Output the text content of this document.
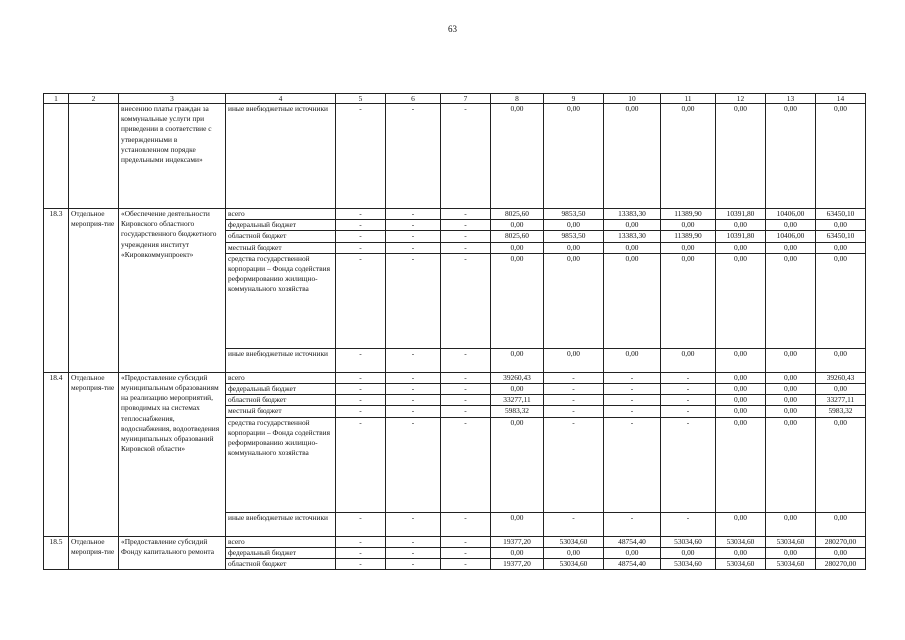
63
1	2	3	4	5	6	7	8	9	10	11	12	13	14
		внесению платы граждан за коммунальные услуги при приведении в соответствие с утвержденными в установленном порядке предельными индексами»	иные внебюджетные источники	-	-	-	0,00	0,00	0,00	0,00	0,00	0,00	0,00
18.3	Отдельное мероприя-тие	«Обеспечение деятельности Кировского областного государственного бюджетного учреждения институт «Кировкоммунпроект»	всего	-	-	-	8025,60	9853,50	13383,30	11389,90	10391,80	10406,00	63450,10
			федеральный бюджет	-	-	-	0,00	0,00	0,00	0,00	0,00	0,00	0,00
			областной бюджет	-	-	-	8025,60	9853,50	13383,30	11389,90	10391,80	10406,00	63450,10
			местный бюджет	-	-	-	0,00	0,00	0,00	0,00	0,00	0,00	0,00
			средства государственной корпорации – Фонда содействия реформированию жилищно-коммунального хозяйства	-	-	-	0,00	0,00	0,00	0,00	0,00	0,00	0,00
			иные внебюджетные источники	-	-	-	0,00	0,00	0,00	0,00	0,00	0,00	0,00
18.4	Отдельное мероприя-тие	«Предоставление субсидий муниципальным образованиям на реализацию мероприятий, проводимых на системах теплоснабжения, водоснабжения, водоотведения муниципальных образований Кировской области»	всего	-	-	-	39260,43	-	-	-	0,00	0,00	39260,43
			федеральный бюджет	-	-	-	0,00	-	-	-	0,00	0,00	0,00
			областной бюджет	-	-	-	33277,11	-	-	-	0,00	0,00	33277,11
			местный бюджет	-	-	-	5983,32	-	-	-	0,00	0,00	5983,32
			средства государственной корпорации – Фонда содействия реформированию жилищно-коммунального хозяйства	-	-	-	0,00	-	-	-	0,00	0,00	0,00
			иные внебюджетные источники	-	-	-	0,00	-	-	-	0,00	0,00	0,00
18.5	Отдельное мероприя-тие	«Предоставление субсидий Фонду капитального ремонта	всего	-	-	-	19377,20	53034,60	48754,40	53034,60	53034,60	53034,60	280270,00
			федеральный бюджет	-	-	-	0,00	0,00	0,00	0,00	0,00	0,00	0,00
			областной бюджет	-	-	-	19377,20	53034,60	48754,40	53034,60	53034,60	53034,60	280270,00
